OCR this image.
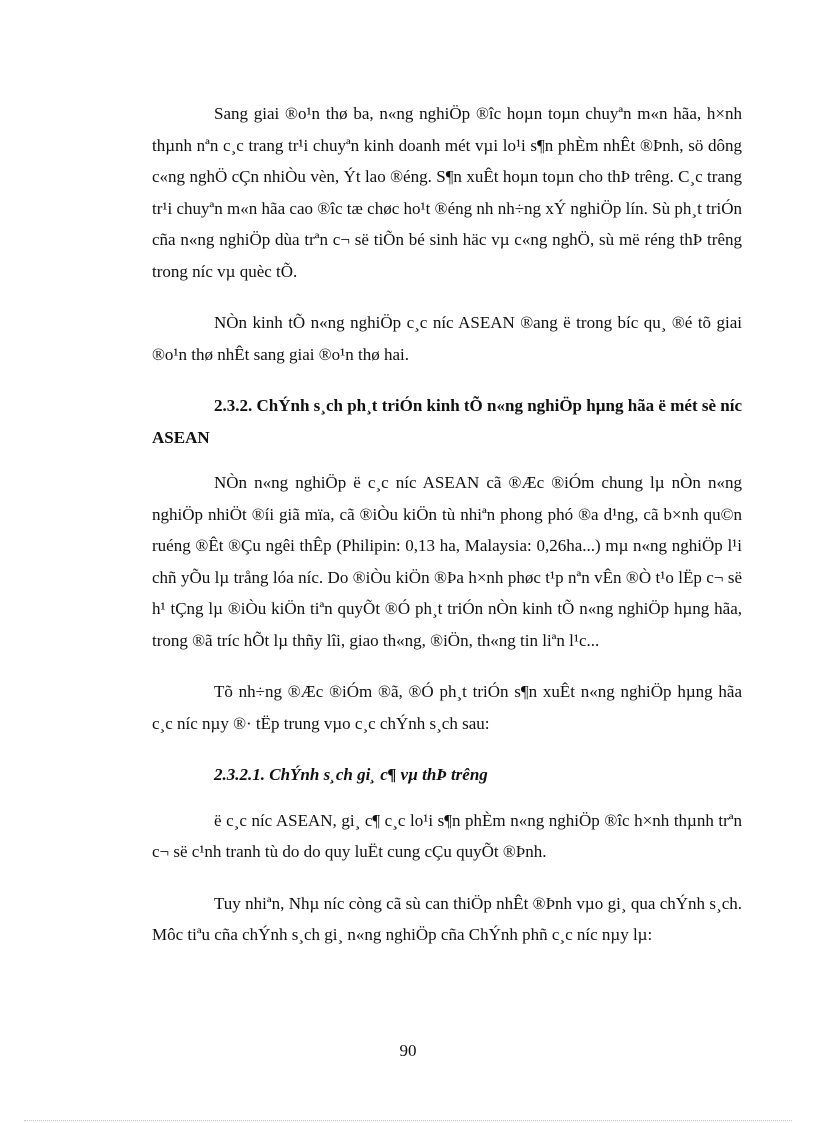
Sang giai ®o¹n thø ba, n«ng nghiÖp ®îc hoµn toµn chuyªn m«n hãa, h×nh thµnh nªn c¸c trang tr¹i chuyªn kinh doanh mét vµi lo¹i s¶n phÈm nhÊt ®Þnh, sö dông c«ng nghÖ cÇn nhiÒu vèn, Ýt lao ®éng. S¶n xuÊt hoµn toµn cho thÞ trêng. C¸c trang tr¹i chuyªn m«n hãa cao ®îc tæ chøc ho¹t ®éng nh nh÷ng xÝ nghiÖp lín. Sù ph¸t triÓn cña n«ng nghiÖp dùa trªn c¬ së tiÕn bé sinh häc vµ c«ng nghÖ, sù më réng thÞ trêng trong níc vµ quèc tÕ.

NÒn kinh tÕ n«ng nghiÖp c¸c níc ASEAN ®ang ë trong bíc qu¸ ®é tõ giai ®o¹n thø nhÊt sang giai ®o¹n thø hai.

2.3.2. ChÝnh s¸ch ph¸t triÓn kinh tÕ n«ng nghiÖp hµng hãa ë mét sè níc ASEAN

NÒn n«ng nghiÖp ë c¸c níc ASEAN cã ®Æc ®iÓm chung lµ nÒn n«ng nghiÖp nhiÖt ®íi giã mïa, cã ®iÒu kiÖn tù nhiªn phong phó ®a d¹ng, cã b×nh qu©n ruéng ®Êt ®Çu ngêi thÊp (Philipin: 0,13 ha, Malaysia: 0,26ha...) mµ n«ng nghiÖp l¹i chñ yÕu lµ trång lóa níc. Do ®iÒu kiÖn ®Þa h×nh phøc t¹p nªn vÊn ®Ò t¹o lËp c¬ së h¹ tÇng lµ ®iÒu kiÖn tiªn quyÕt ®Ó ph¸t triÓn nÒn kinh tÕ n«ng nghiÖp hµng hãa, trong ®ã tríc hÕt lµ thñy lîi, giao th«ng, ®iÖn, th«ng tin liªn l¹c...

Tõ nh÷ng ®Æc ®iÓm ®ã, ®Ó ph¸t triÓn s¶n xuÊt n«ng nghiÖp hµng hãa c¸c níc nµy ®· tËp trung vµo c¸c chÝnh s¸ch sau:

2.3.2.1. ChÝnh s¸ch gi¸ c¶ vµ thÞ trêng

ë c¸c níc ASEAN, gi¸ c¶ c¸c lo¹i s¶n phÈm n«ng nghiÖp ®îc h×nh thµnh trªn c¬ së c¹nh tranh tù do do quy luËt cung cÇu quyÕt ®Þnh.

Tuy nhiªn, Nhµ níc còng cã sù can thiÖp nhÊt ®Þnh vµo gi¸ qua chÝnh s¸ch. Môc tiªu cña chÝnh s¸ch gi¸ n«ng nghiÖp cña ChÝnh phñ c¸c níc nµy lµ:

90
